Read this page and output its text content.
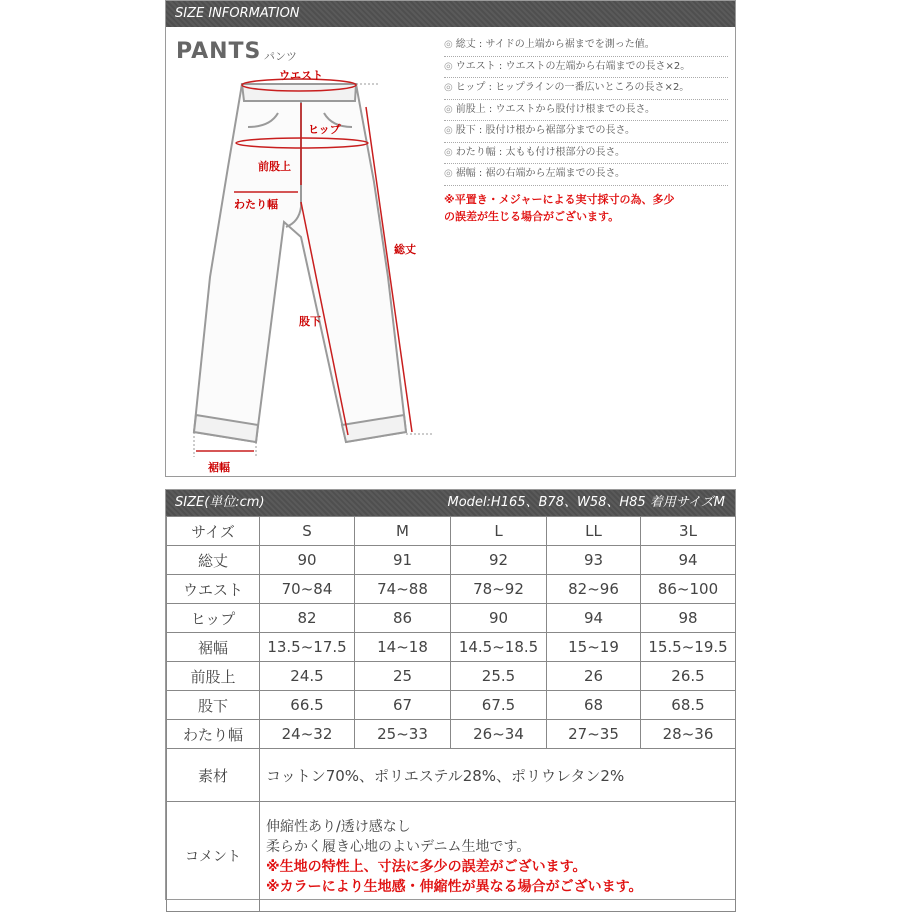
SIZE INFORMATION
PANTS パンツ
ウエスト
ヒップ
前股上
わたり幅
総丈
股下
裾幅
◎ 総丈 : サイドの上端から裾までを測った値。
◎ ウエスト : ウエストの左端から右端までの長さ×2。
◎ ヒップ : ヒップラインの一番広いところの長さ×2。
◎ 前股上 : ウエストから股付け根までの長さ。
◎ 股下 : 股付け根から裾部分までの長さ。
◎ わたり幅 : 太もも付け根部分の長さ。
◎ 裾幅 : 裾の右端から左端までの長さ。
※平置き・メジャーによる実寸採寸の為、多少
の誤差が生じる場合がございます。
SIZE(単位:cm)	Model:H165、B78、W58、H85 着用サイズM
サイズ	S	M	L	LL	3L
総丈	90	91	92	93	94
ウエスト	70~84	74~88	78~92	82~96	86~100
ヒップ	82	86	90	94	98
裾幅	13.5~17.5	14~18	14.5~18.5	15~19	15.5~19.5
前股上	24.5	25	25.5	26	26.5
股下	66.5	67	67.5	68	68.5
わたり幅	24~32	25~33	26~34	27~35	28~36
素材	コットン70%、ポリエステル28%、ポリウレタン2%				
コメント	伸縮性あり/透け感なし
柔らかく履き心地のよいデニム生地です。
※生地の特性上、寸法に多少の誤差がございます。
※カラーにより生地感・伸縮性が異なる場合がございます。				
